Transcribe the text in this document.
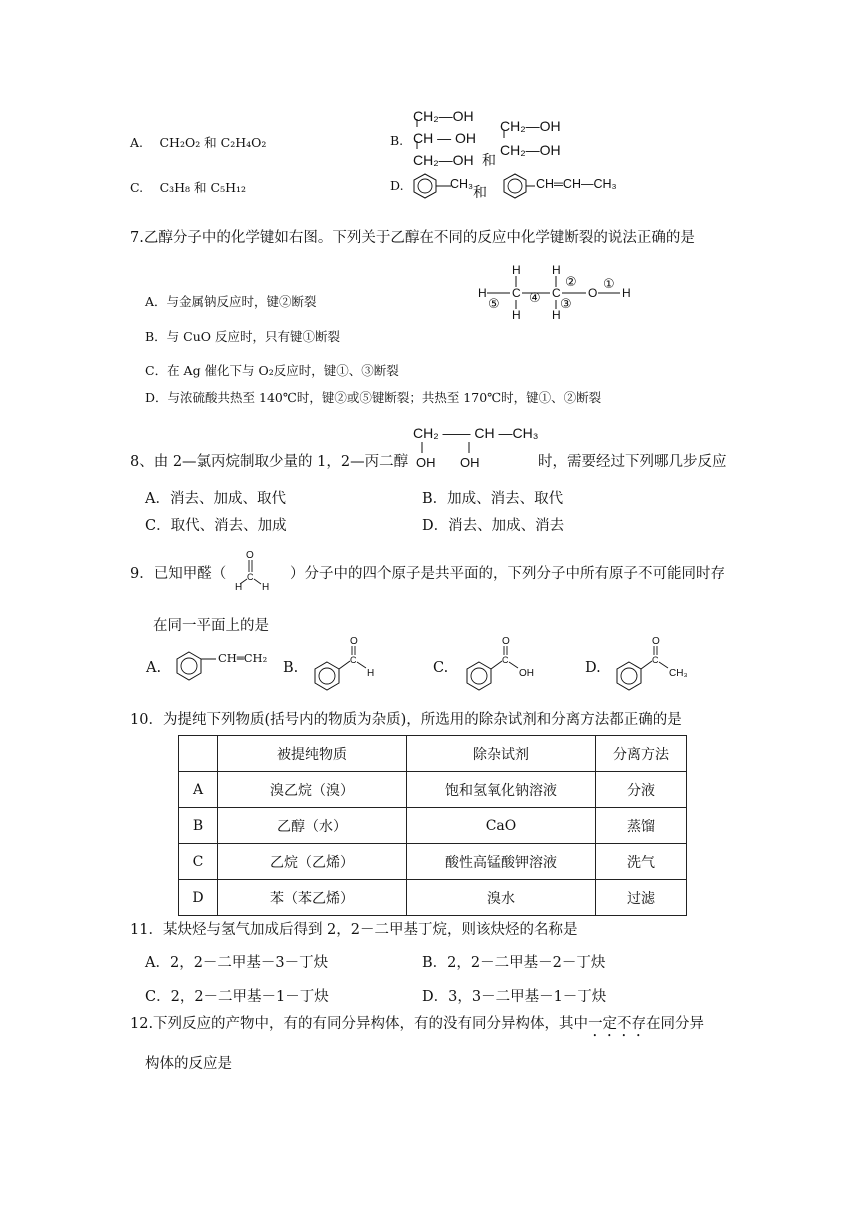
A.　 CH₂O₂ 和 C₂H₄O₂
C.　 C₃H₈ 和 C₅H₁₂
B.
D.
CH₂—OH
CH — OH
CH₂—OH 和
CH₂—OH
CH₂—OH
CH₃ 和	CH═CH—CH₃
7.乙醇分子中的化学键如右图。下列关于乙醇在不同的反应中化学键断裂的说法正确的是
H C
H
H
C
H
H
O H
⑤ ④
②
③
①
A．与金属钠反应时，键②断裂
B．与 CuO 反应时，只有键①断裂
C．在 Ag 催化下与 O₂反应时，键①、③断裂
D．与浓硫酸共热至 140℃时，键②或⑤键断裂；共热至 170℃时，键①、②断裂
8、由 2—氯丙烷制取少量的 1，2—丙二醇
CH₂ —— CH —CH₃
OH OH	时，需要经过下列哪几步反应
A．消去、加成、取代	B．加成、消去、取代
C．取代、消去、加成	D．消去、加成、消去
9．已知甲醛（
O
C
H H
）分子中的四个原子是共平面的，下列分子中所有原子不可能同时存
在同一平面上的是
A.
CH═CH₂
B.
O
C
H	C.
O
C
OH	D.
O
C
CH₃
10．为提纯下列物质(括号内的物质为杂质)，所选用的除杂试剂和分离方法都正确的是
	被提纯物质	除杂试剂	分离方法
A	溴乙烷（溴）	饱和氢氧化钠溶液	分液
B	乙醇（水）	CaO	蒸馏
C	乙烷（乙烯）	酸性高锰酸钾溶液	洗气
D	苯（苯乙烯）	溴水	过滤
11．某炔烃与氢气加成后得到 2，2－二甲基丁烷，则该炔烃的名称是
A．2，2－二甲基－3－丁炔	B．2，2－二甲基－2－丁炔
C．2，2－二甲基－1－丁炔	D．3，3－二甲基－1－丁炔
12.下列反应的产物中，有的有同分异构体，有的没有同分异构体，其中一定不存在同分异
构体的反应是
